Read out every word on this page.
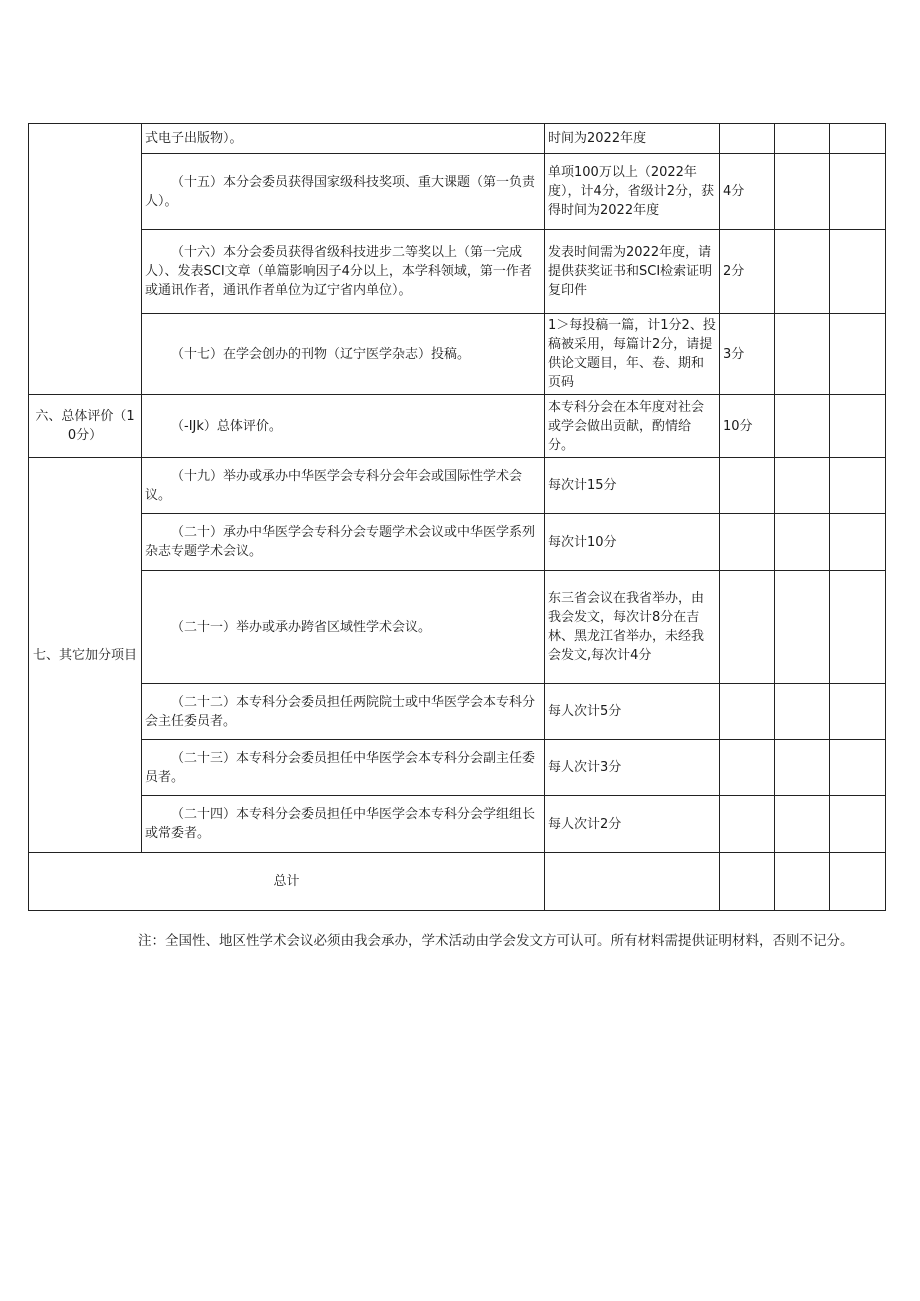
	式电子出版物）。	时间为2022年度			
	（十五）本分会委员获得国家级科技奖项、重大课题（第一负责人）。	单项100万以上（2022年度），计4分，省级计2分，获得时间为2022年度	4分		
	（十六）本分会委员获得省级科技进步二等奖以上（第一完成人）、发表SCI文章（单篇影响因子4分以上，本学科领域，第一作者或通讯作者，通讯作者单位为辽宁省内单位）。	发表时间需为2022年度，请提供获奖证书和SCI检索证明复印件	2分		
	（十七）在学会创办的刊物（辽宁医学杂志）投稿。	1＞每投稿一篇，计1分2、投稿被采用，每篇计2分，请提供论文题目，年、卷、期和页码	3分		
六、总体评价（10分）	（-IJk）总体评价。	本专科分会在本年度对社会或学会做出贡献，酌情给分。	10分		
七、其它加分项目	（十九）举办或承办中华医学会专科分会年会或国际性学术会议。	每次计15分			
	（二十）承办中华医学会专科分会专题学术会议或中华医学系列杂志专题学术会议。	每次计10分			
	（二十一）举办或承办跨省区域性学术会议。	东三省会议在我省举办，由我会发文，每次计8分在吉林、黑龙江省举办，未经我会发文,每次计4分			
	（二十二）本专科分会委员担任两院院士或中华医学会本专科分会主任委员者。	每人次计5分			
	（二十三）本专科分会委员担任中华医学会本专科分会副主任委员者。	每人次计3分			
	（二十四）本专科分会委员担任中华医学会本专科分会学组组长或常委者。	每人次计2分			
总计					
注：全国性、地区性学术会议必须由我会承办，学术活动由学会发文方可认可。所有材料需提供证明材料，否则不记分。
